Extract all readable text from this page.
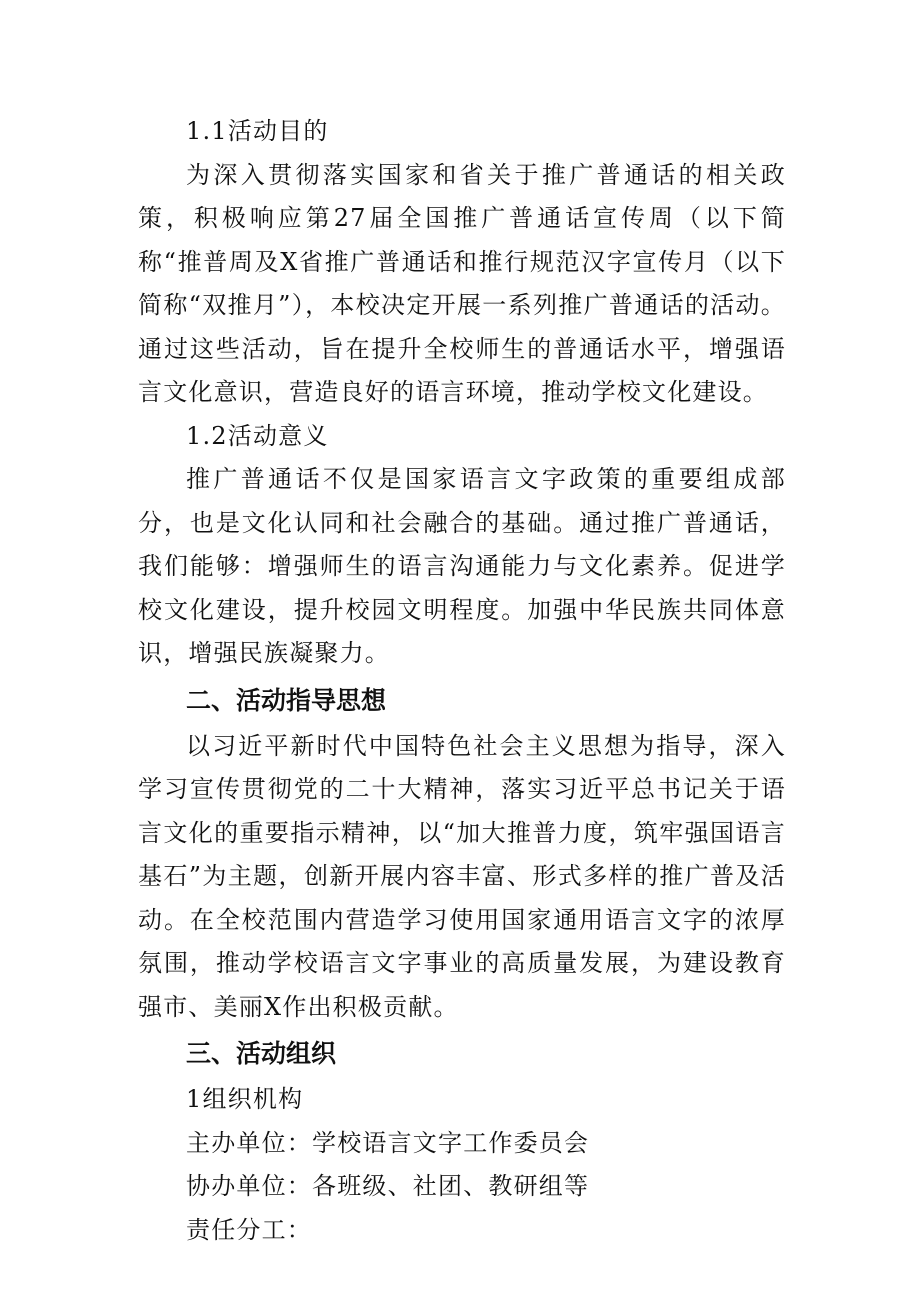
1.1活动目的
为深入贯彻落实国家和省关于推广普通话的相关政策，积极响应第27届全国推广普通话宣传周（以下简称“推普周及X省推广普通话和推行规范汉字宣传月（以下简称“双推月”），本校决定开展一系列推广普通话的活动。通过这些活动，旨在提升全校师生的普通话水平，增强语言文化意识，营造良好的语言环境，推动学校文化建设。
1.2活动意义
推广普通话不仅是国家语言文字政策的重要组成部分，也是文化认同和社会融合的基础。通过推广普通话，我们能够：增强师生的语言沟通能力与文化素养。促进学校文化建设，提升校园文明程度。加强中华民族共同体意识，增强民族凝聚力。
二、活动指导思想
以习近平新时代中国特色社会主义思想为指导，深入学习宣传贯彻党的二十大精神，落实习近平总书记关于语言文化的重要指示精神，以“加大推普力度，筑牢强国语言基石”为主题，创新开展内容丰富、形式多样的推广普及活动。在全校范围内营造学习使用国家通用语言文字的浓厚氛围，推动学校语言文字事业的高质量发展，为建设教育强市、美丽X作出积极贡献。
三、活动组织
1组织机构
主办单位：学校语言文字工作委员会
协办单位：各班级、社团、教研组等
责任分工：
